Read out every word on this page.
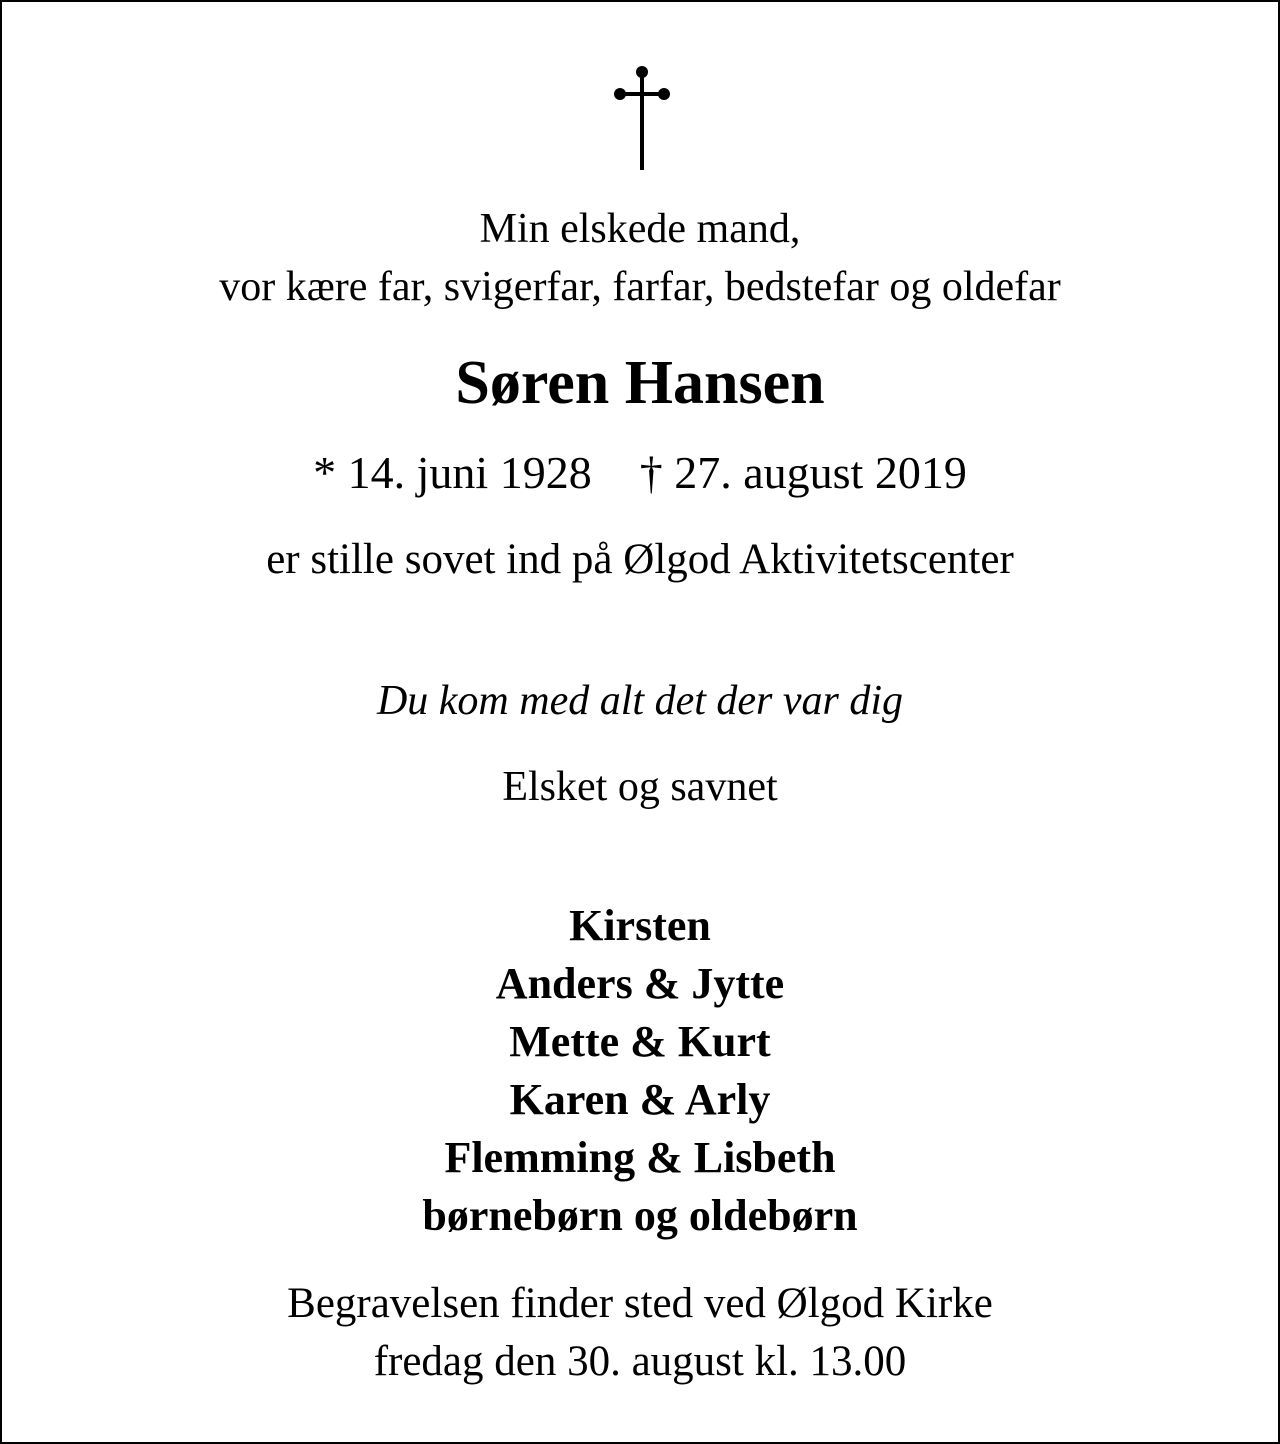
Min elskede mand,
vor kære far, svigerfar, farfar, bedstefar og oldefar
Søren Hansen
* 14. juni 1928 † 27. august 2019
er stille sovet ind på Ølgod Aktivitetscenter
Du kom med alt det der var dig
Elsket og savnet
Kirsten
Anders & Jytte
Mette & Kurt
Karen & Arly
Flemming & Lisbeth
børnebørn og oldebørn
Begravelsen finder sted ved Ølgod Kirke
fredag den 30. august kl. 13.00
